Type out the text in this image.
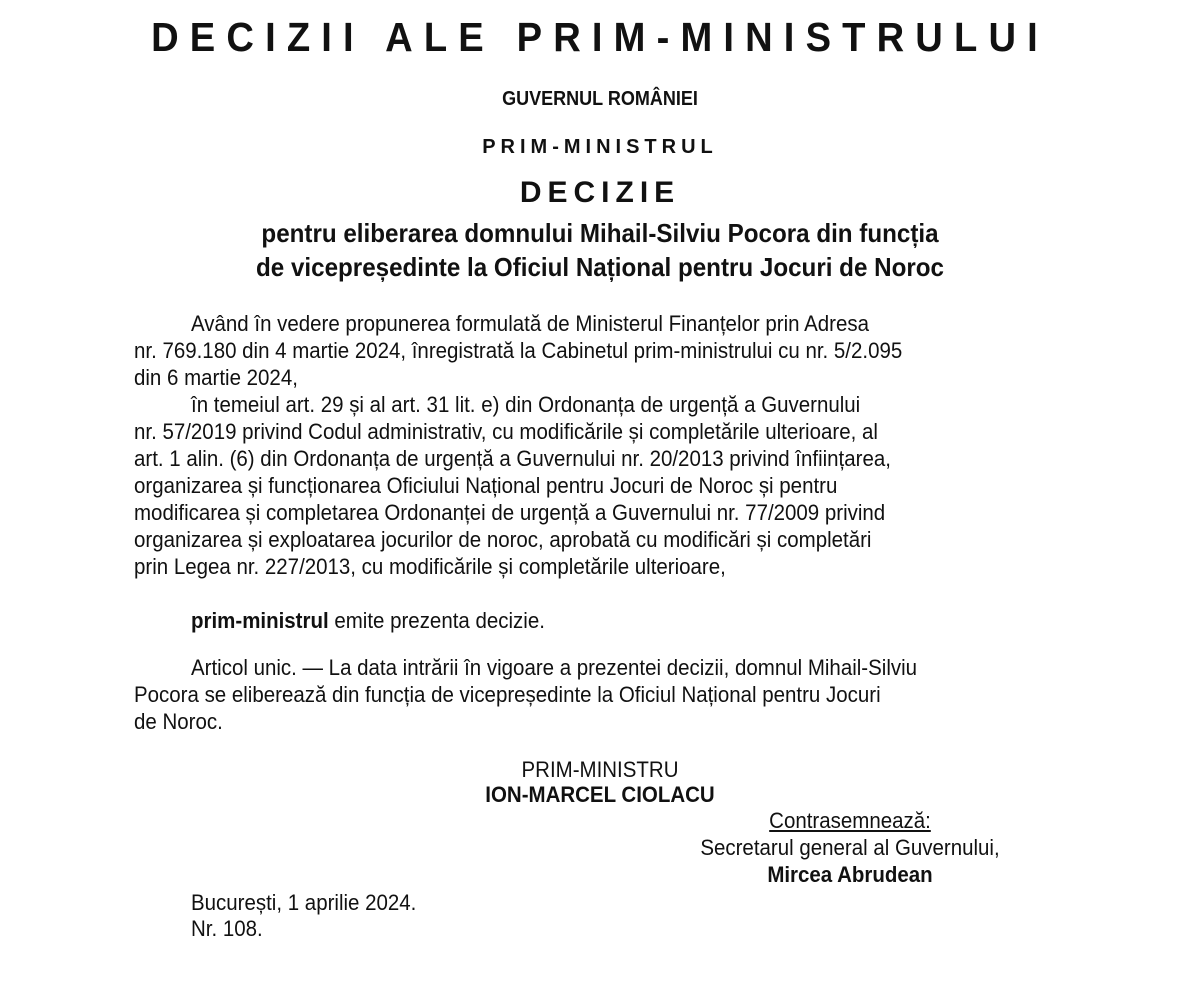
DECIZII ALE PRIM-MINISTRULUI
GUVERNUL ROMÂNIEI
PRIM-MINISTRUL
DECIZIE
pentru eliberarea domnului Mihail-Silviu Pocora din funcția
de vicepreședinte la Oficiul Național pentru Jocuri de Noroc
Având în vedere propunerea formulată de Ministerul Finanțelor prin Adresa
nr. 769.180 din 4 martie 2024, înregistrată la Cabinetul prim-ministrului cu nr. 5/2.095
din 6 martie 2024,
în temeiul art. 29 și al art. 31 lit. e) din Ordonanța de urgență a Guvernului
nr. 57/2019 privind Codul administrativ, cu modificările și completările ulterioare, al
art. 1 alin. (6) din Ordonanța de urgență a Guvernului nr. 20/2013 privind înființarea,
organizarea și funcționarea Oficiului Național pentru Jocuri de Noroc și pentru
modificarea și completarea Ordonanței de urgență a Guvernului nr. 77/2009 privind
organizarea și exploatarea jocurilor de noroc, aprobată cu modificări și completări
prin Legea nr. 227/2013, cu modificările și completările ulterioare,
prim-ministrul emite prezenta decizie.
Articol unic. — La data intrării în vigoare a prezentei decizii, domnul Mihail-Silviu
Pocora se eliberează din funcția de vicepreședinte la Oficiul Național pentru Jocuri
de Noroc.
PRIM-MINISTRU
ION-MARCEL CIOLACU
Contrasemnează:
Secretarul general al Guvernului,
Mircea Abrudean
București, 1 aprilie 2024.
Nr. 108.
